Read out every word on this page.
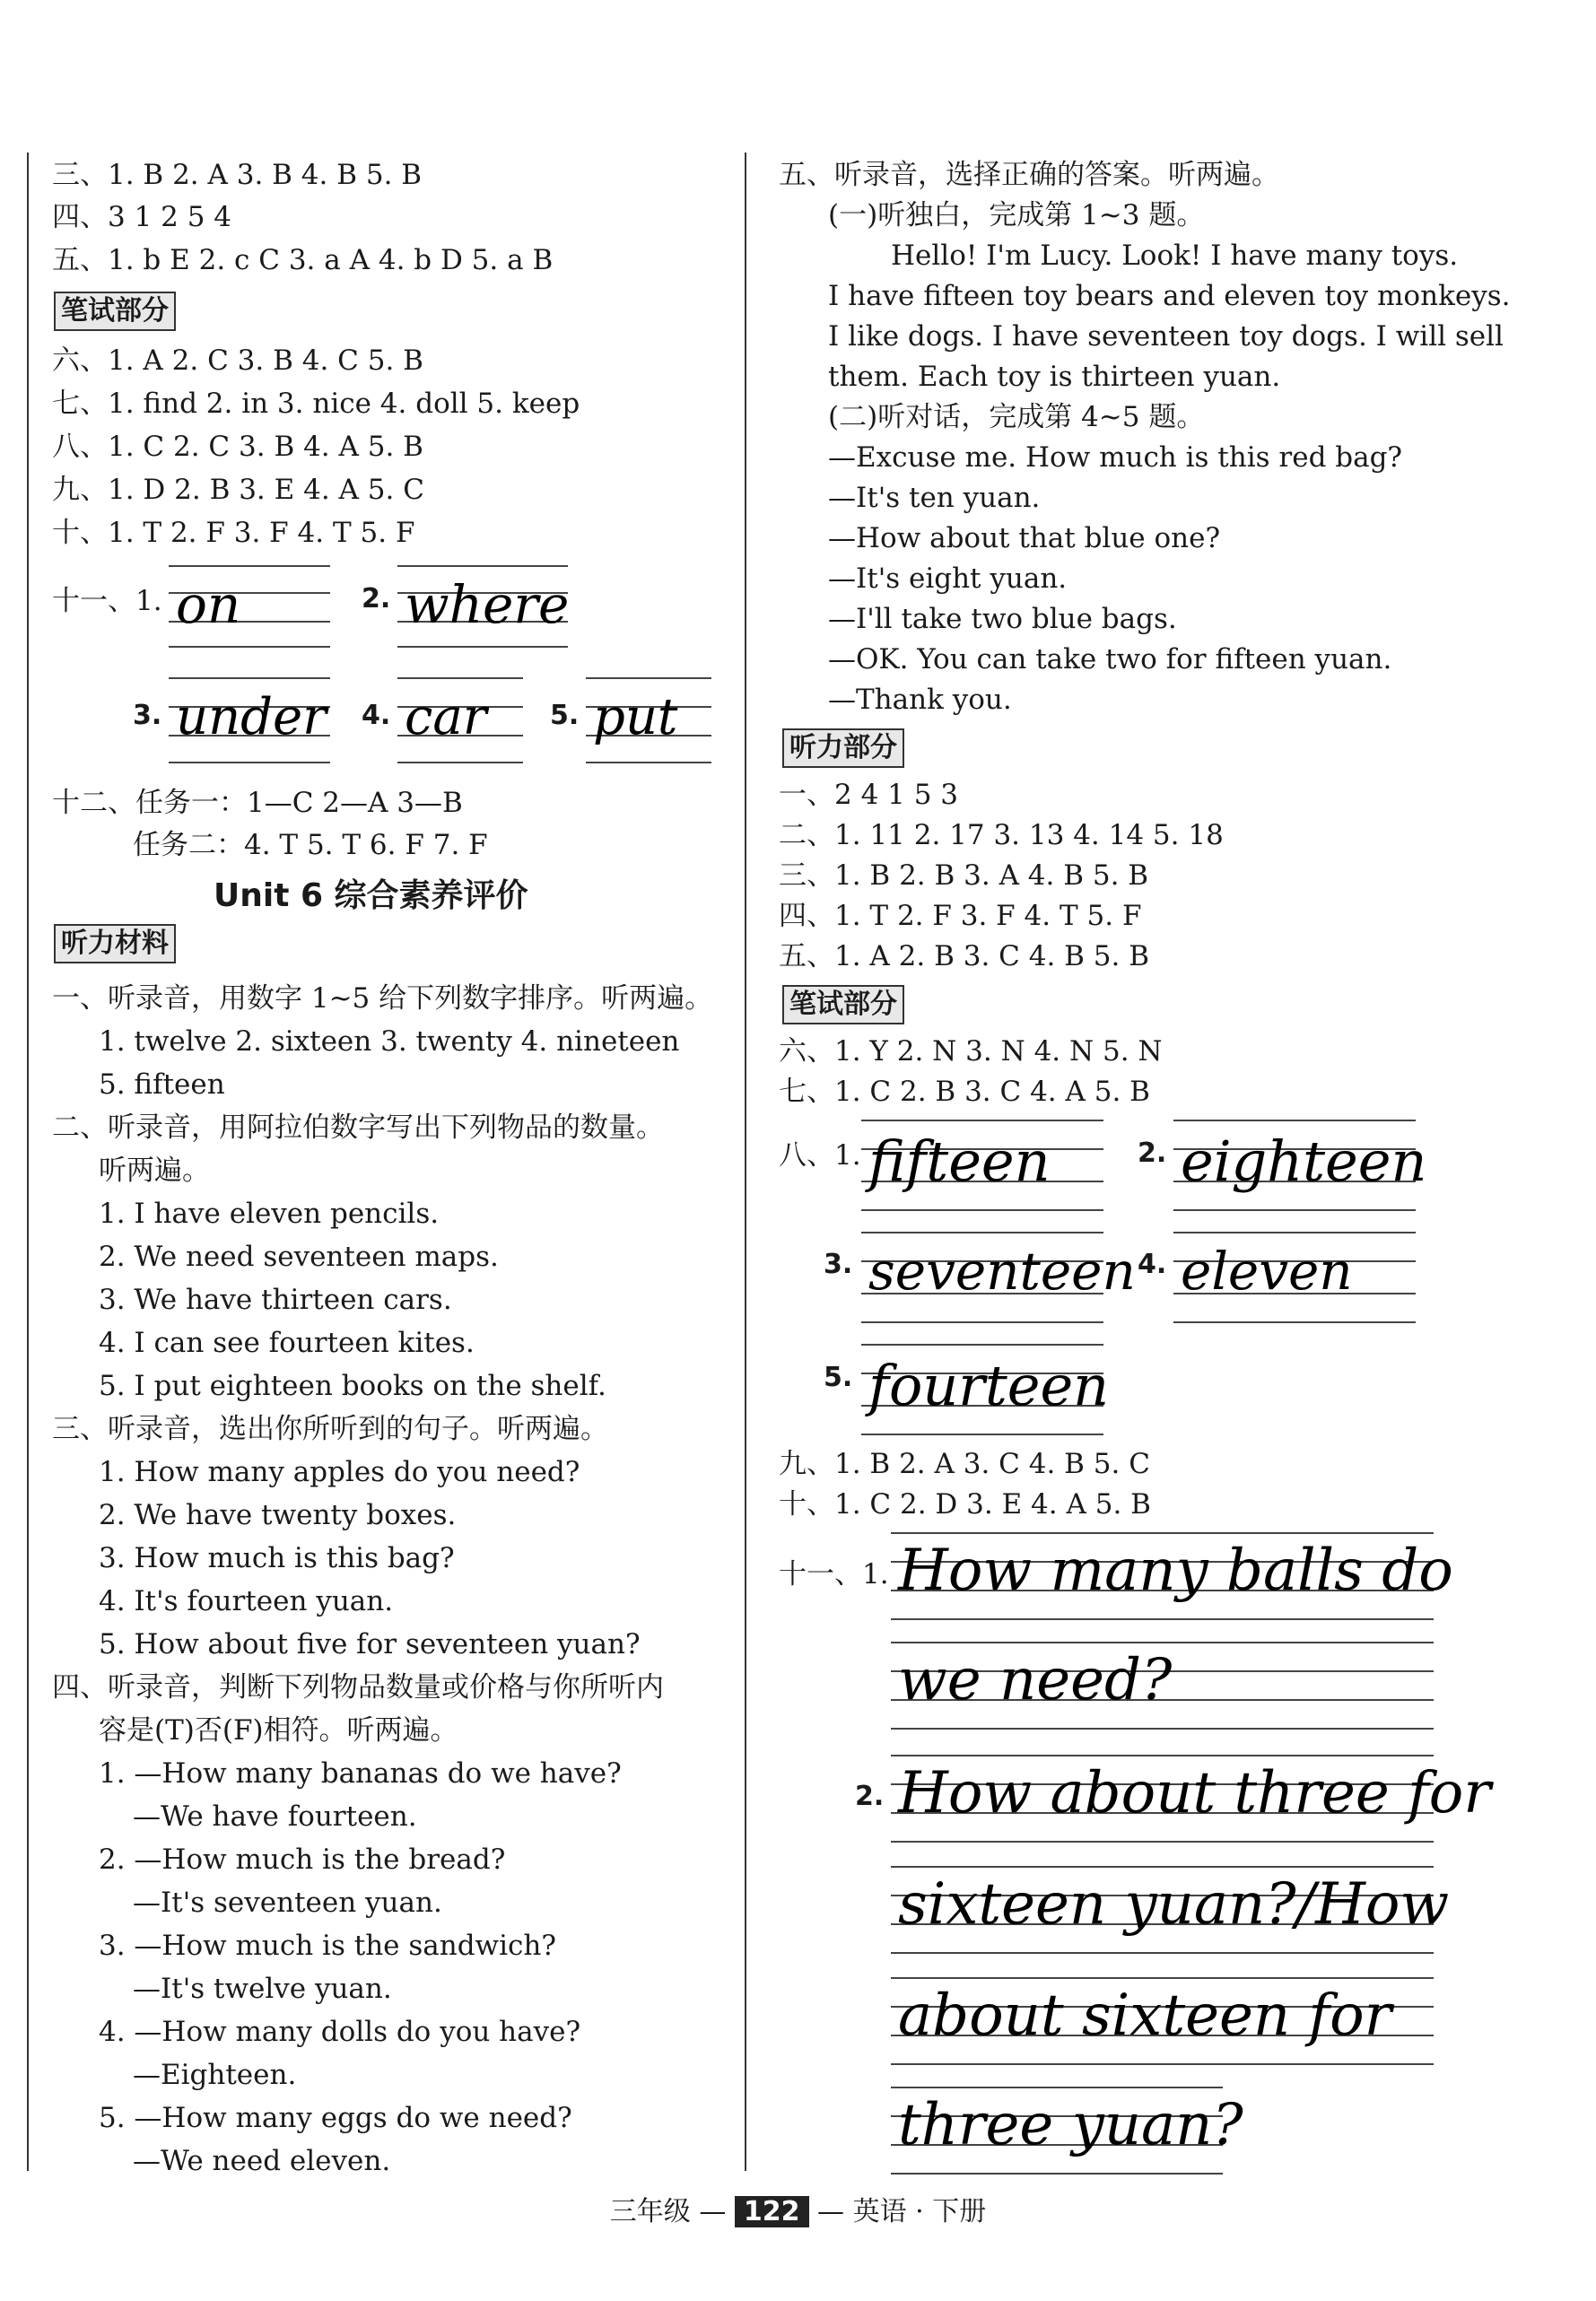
三、1. B 2. A 3. B 4. B 5. B
四、3 1 2 5 4
五、1. b E 2. c C 3. a A 4. b D 5. a B
笔试部分
六、1. A 2. C 3. B 4. C 5. B
七、1. find 2. in 3. nice 4. doll 5. keep
八、1. C 2. C 3. B 4. A 5. B
九、1. D 2. B 3. E 4. A 5. C
十、1. T 2. F 3. F 4. T 5. F
十一、1. on	2. where
3. under 4. car 5. put
十二、任务一：1—C 2—A 3—B
任务二：4. T 5. T 6. F 7. F
Unit 6 综合素养评价
听力材料
一、听录音，用数字 1~5 给下列数字排序。听两遍。
1. twelve 2. sixteen 3. twenty 4. nineteen
5. fifteen
二、听录音，用阿拉伯数字写出下列物品的数量。
听两遍。
1. I have eleven pencils.
2. We need seventeen maps.
3. We have thirteen cars.
4. I can see fourteen kites.
5. I put eighteen books on the shelf.
三、听录音，选出你所听到的句子。听两遍。
1. How many apples do you need?
2. We have twenty boxes.
3. How much is this bag?
4. It's fourteen yuan.
5. How about five for seventeen yuan?
四、听录音，判断下列物品数量或价格与你所听内
容是(T)否(F)相符。听两遍。
1. —How many bananas do we have?
—We have fourteen.
2. —How much is the bread?
—It's seventeen yuan.
3. —How much is the sandwich?
—It's twelve yuan.
4. —How many dolls do you have?
—Eighteen.
5. —How many eggs do we need?
—We need eleven.
五、听录音，选择正确的答案。听两遍。
(一)听独白，完成第 1~3 题。
Hello! I'm Lucy. Look! I have many toys.
I have fifteen toy bears and eleven toy monkeys.
I like dogs. I have seventeen toy dogs. I will sell
them. Each toy is thirteen yuan.
(二)听对话，完成第 4~5 题。
—Excuse me. How much is this red bag?
—It's ten yuan.
—How about that blue one?
—It's eight yuan.
—I'll take two blue bags.
—OK. You can take two for fifteen yuan.
—Thank you.
听力部分
一、2 4 1 5 3
二、1. 11 2. 17 3. 13 4. 14 5. 18
三、1. B 2. B 3. A 4. B 5. B
四、1. T 2. F 3. F 4. T 5. F
五、1. A 2. B 3. C 4. B 5. B
笔试部分
六、1. Y 2. N 3. N 4. N 5. N
七、1. C 2. B 3. C 4. A 5. B
八、1. fifteen	2. eighteen
3. seventeen 4. eleven
5. fourteen
九、1. B 2. A 3. C 4. B 5. C
十、1. C 2. D 3. E 4. A 5. B
十一、1. How many balls do
we need?
2. How about three for
sixteen yuan?/How
about sixteen for
three yuan?
三年级 — 122 — 英语 · 下册
